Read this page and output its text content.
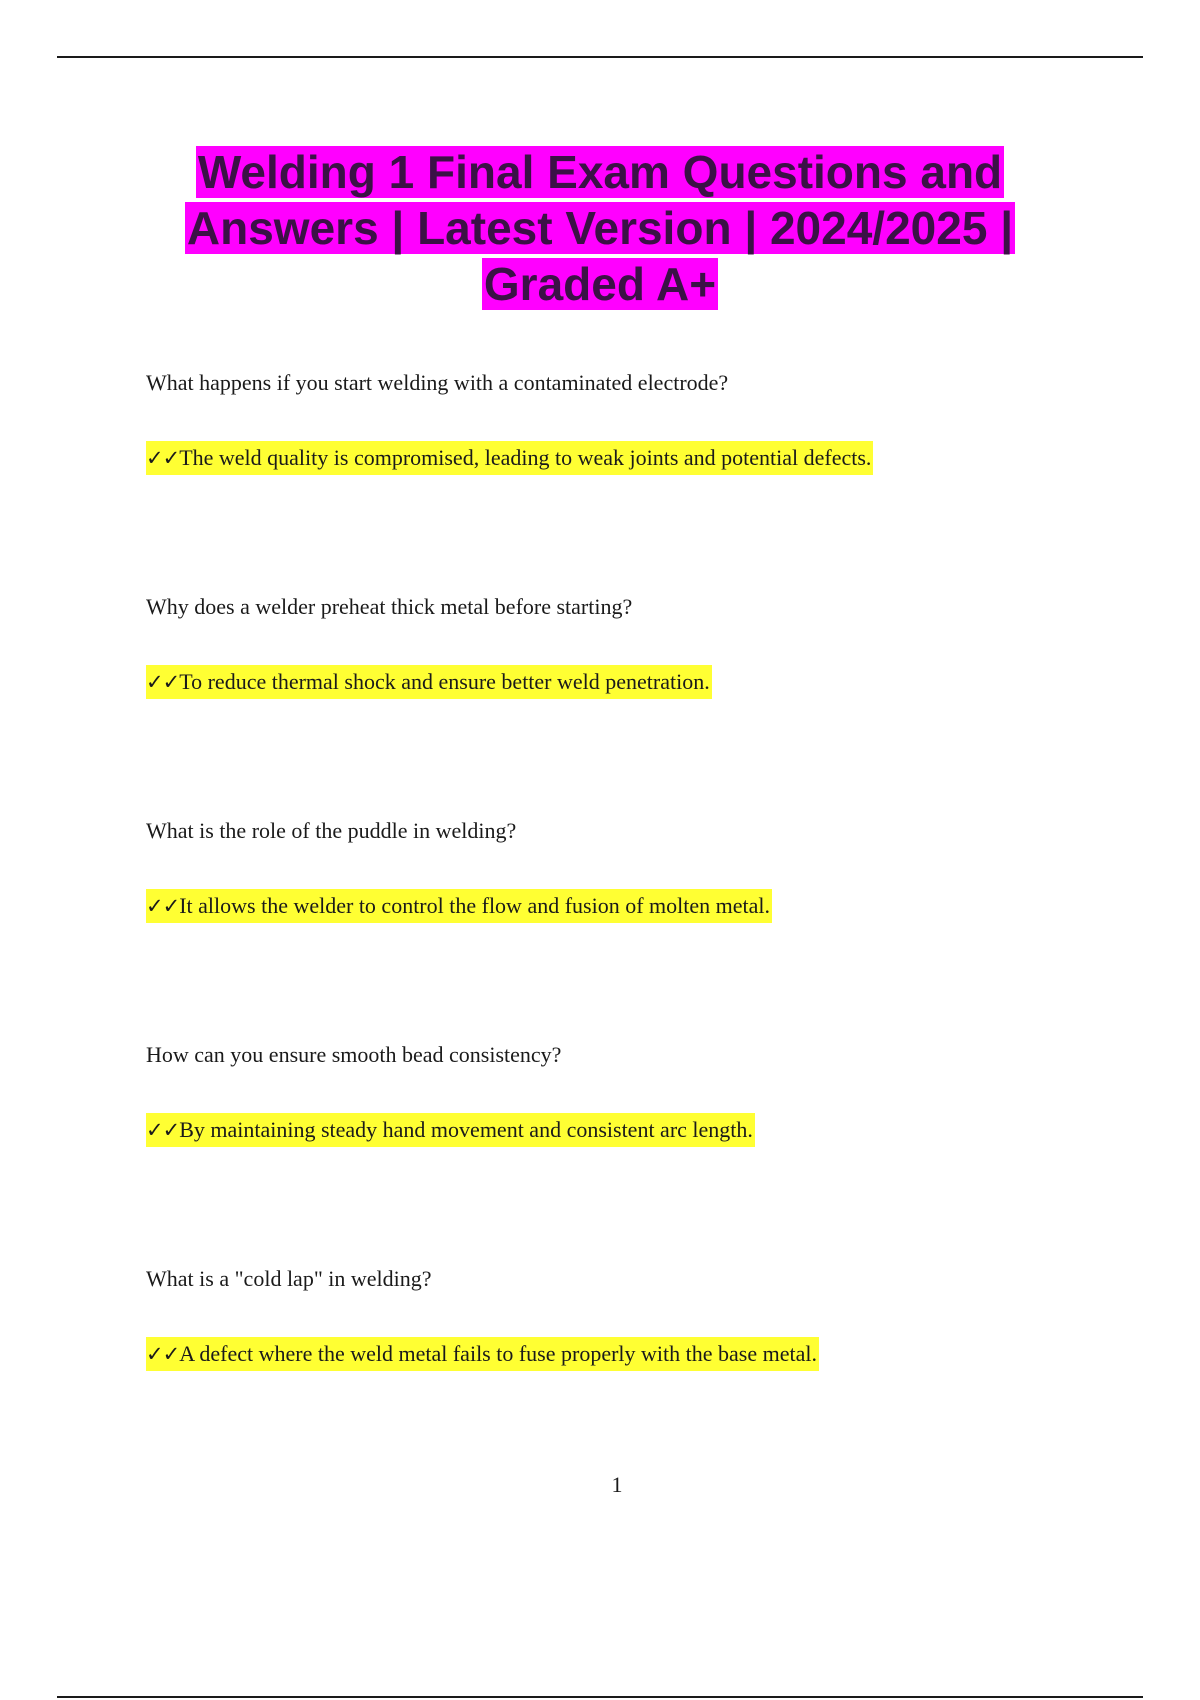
Welding 1 Final Exam Questions and Answers | Latest Version | 2024/2025 | Graded A+
What happens if you start welding with a contaminated electrode?
✓✓The weld quality is compromised, leading to weak joints and potential defects.
Why does a welder preheat thick metal before starting?
✓✓To reduce thermal shock and ensure better weld penetration.
What is the role of the puddle in welding?
✓✓It allows the welder to control the flow and fusion of molten metal.
How can you ensure smooth bead consistency?
✓✓By maintaining steady hand movement and consistent arc length.
What is a "cold lap" in welding?
✓✓A defect where the weld metal fails to fuse properly with the base metal.
1
